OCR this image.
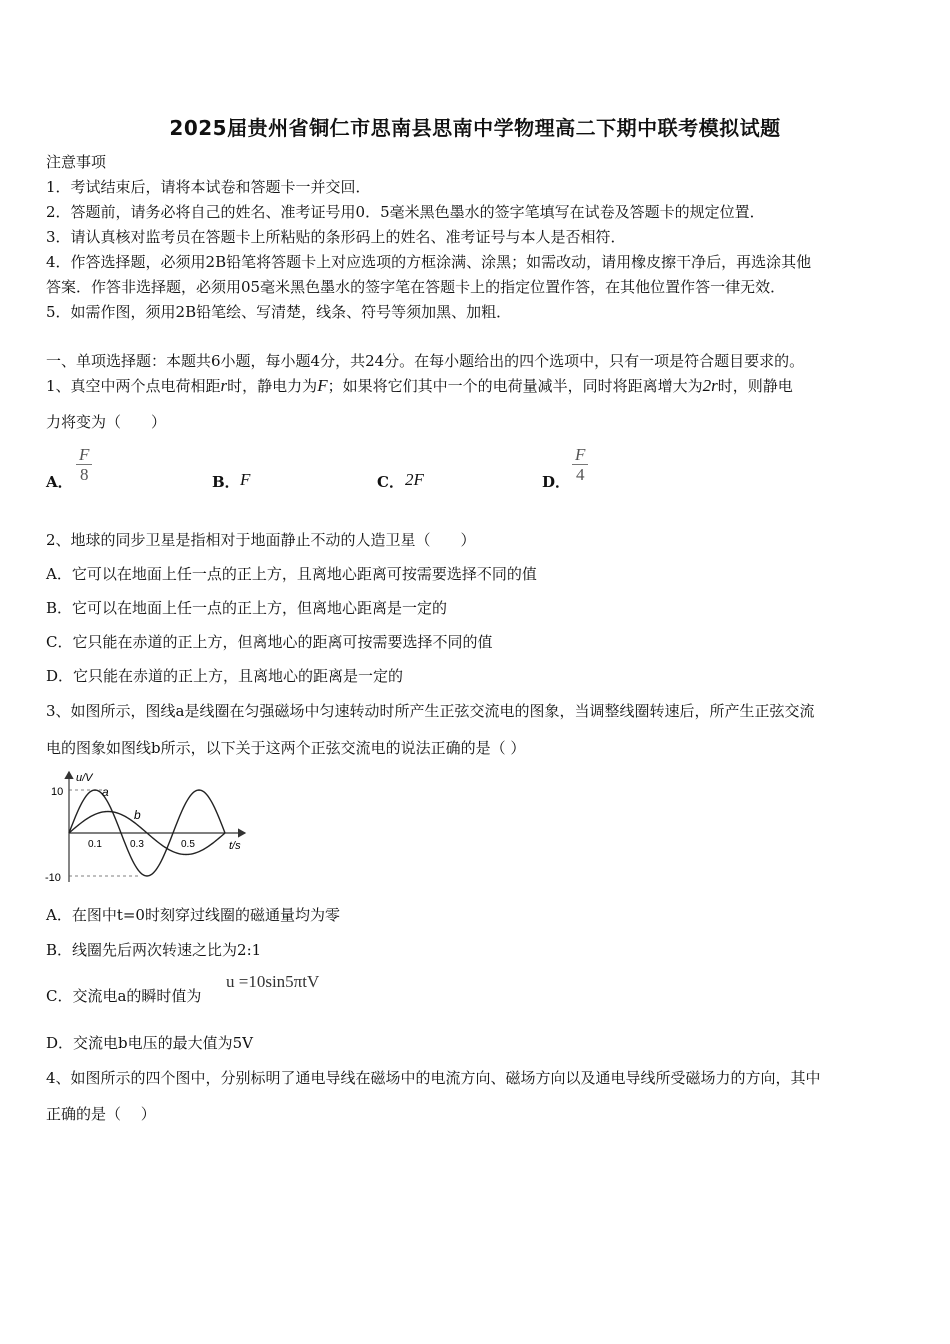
2025届贵州省铜仁市思南县思南中学物理高二下期中联考模拟试题
注意事项
1．考试结束后，请将本试卷和答题卡一并交回．
2．答题前，请务必将自己的姓名、准考证号用0．5毫米黑色墨水的签字笔填写在试卷及答题卡的规定位置．
3．请认真核对监考员在答题卡上所粘贴的条形码上的姓名、准考证号与本人是否相符．
4．作答选择题，必须用2B铅笔将答题卡上对应选项的方框涂满、涂黑；如需改动，请用橡皮擦干净后，再选涂其他
答案．作答非选择题，必须用05毫米黑色墨水的签字笔在答题卡上的指定位置作答，在其他位置作答一律无效．
5．如需作图，须用2B铅笔绘、写清楚，线条、符号等须加黑、加粗．
一、单项选择题：本题共6小题，每小题4分，共24分。在每小题给出的四个选项中，只有一项是符合题目要求的。
1、真空中两个点电荷相距r时，静电力为F；如果将它们其中一个的电荷量减半，同时将距离增大为2r时，则静电
力将变为（　　）
A． $\frac{F}{8}$	B． F	C． 2F	D． $\frac{F}{4}$
2、地球的同步卫星是指相对于地面静止不动的人造卫星（　　）
A．它可以在地面上任一点的正上方，且离地心距离可按需要选择不同的值
B．它可以在地面上任一点的正上方，但离地心距离是一定的
C．它只能在赤道的正上方，但离地心的距离可按需要选择不同的值
D．它只能在赤道的正上方，且离地心的距离是一定的
3、如图所示，图线a是线圈在匀强磁场中匀速转动时所产生正弦交流电的图象，当调整线圈转速后，所产生正弦交流
电的图象如图线b所示，以下关于这两个正弦交流电的说法正确的是（ ）
u/V
10
-10
0.1	0.3	0.5	t/s
a
b
A．在图中t=0时刻穿过线圈的磁通量均为零
B．线圈先后两次转速之比为2:1
C．交流电a的瞬时值为
u =10sin5πtV
D．交流电b电压的最大值为5V
4、如图所示的四个图中，分别标明了通电导线在磁场中的电流方向、磁场方向以及通电导线所受磁场力的方向，其中
正确的是（　 ）
